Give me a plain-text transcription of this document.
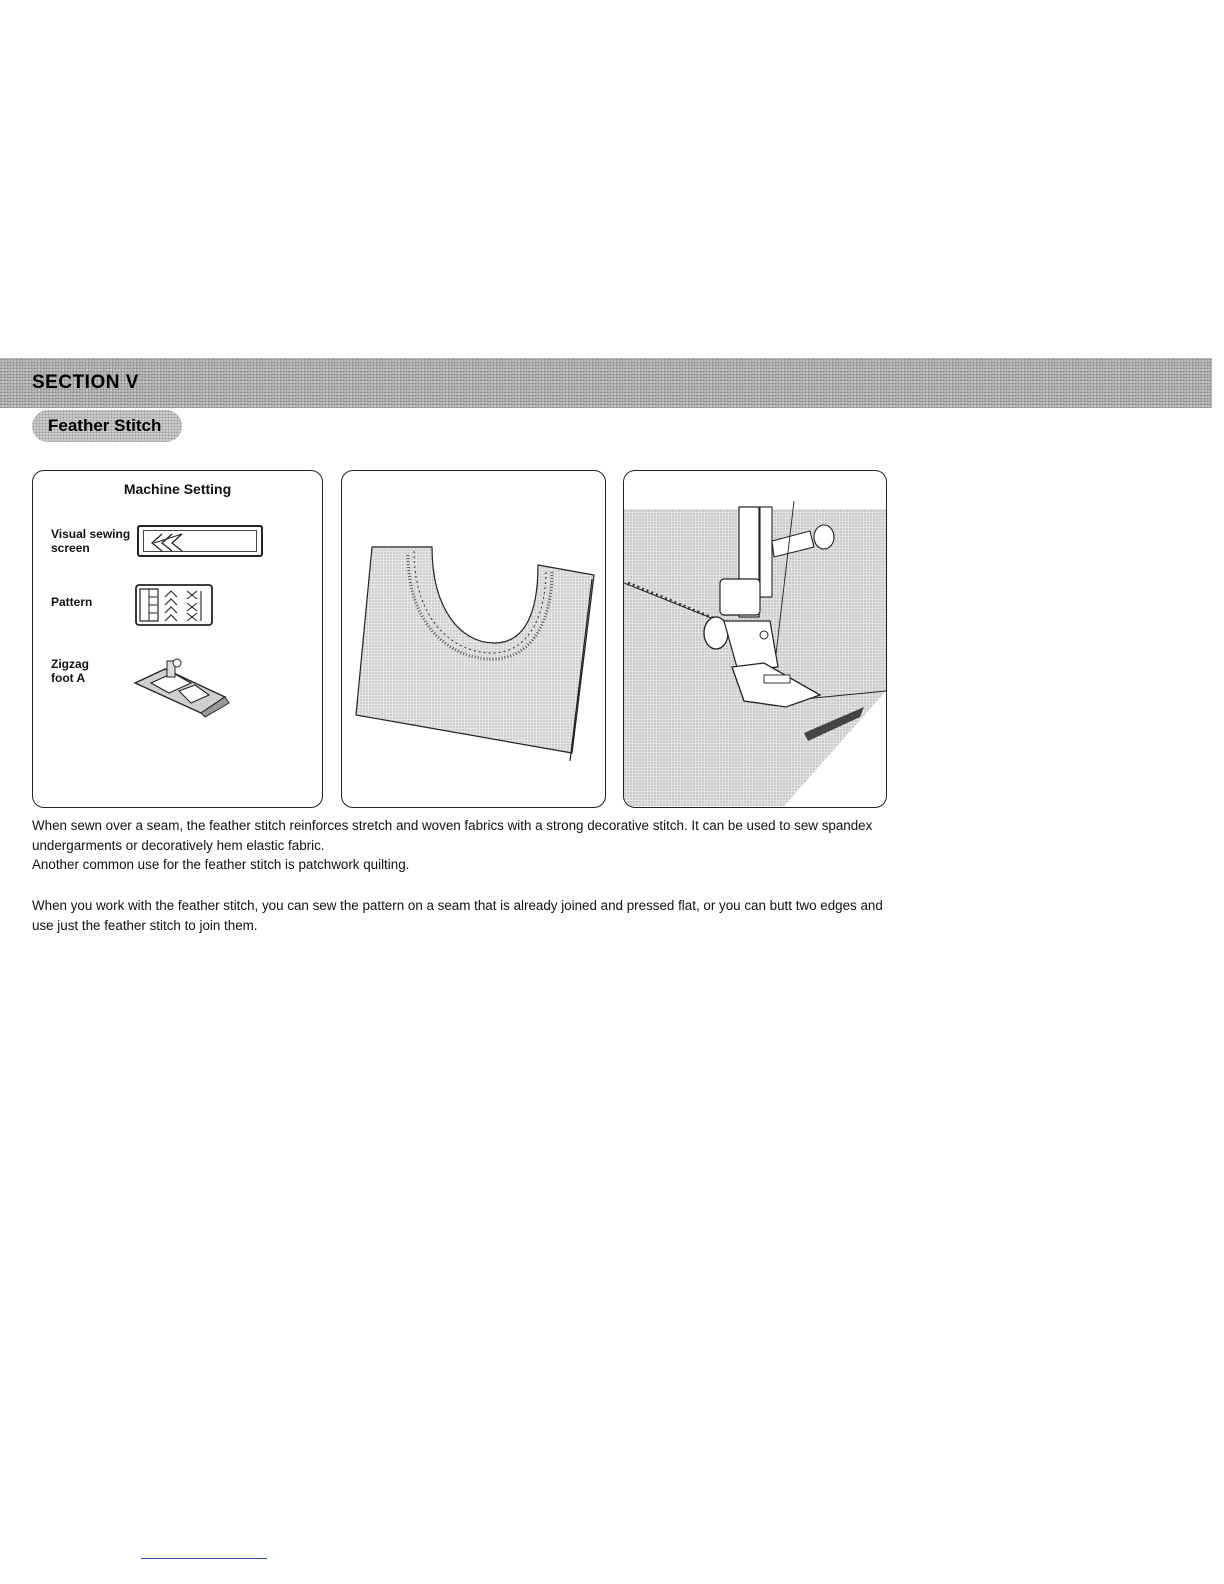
SECTION V
Feather Stitch
Machine Setting
Visual sewing
screen
Pattern
Zigzag
foot A
When sewn over a seam, the feather stitch reinforces stretch and woven fabrics with a strong decorative stitch. It can be used to sew spandex undergarments or decoratively hem elastic fabric.
Another common use for the feather stitch is patchwork quilting.
When you work with the feather stitch, you can sew the pattern on a seam that is already joined and pressed flat, or you can butt two edges and use just the feather stitch to join them.
